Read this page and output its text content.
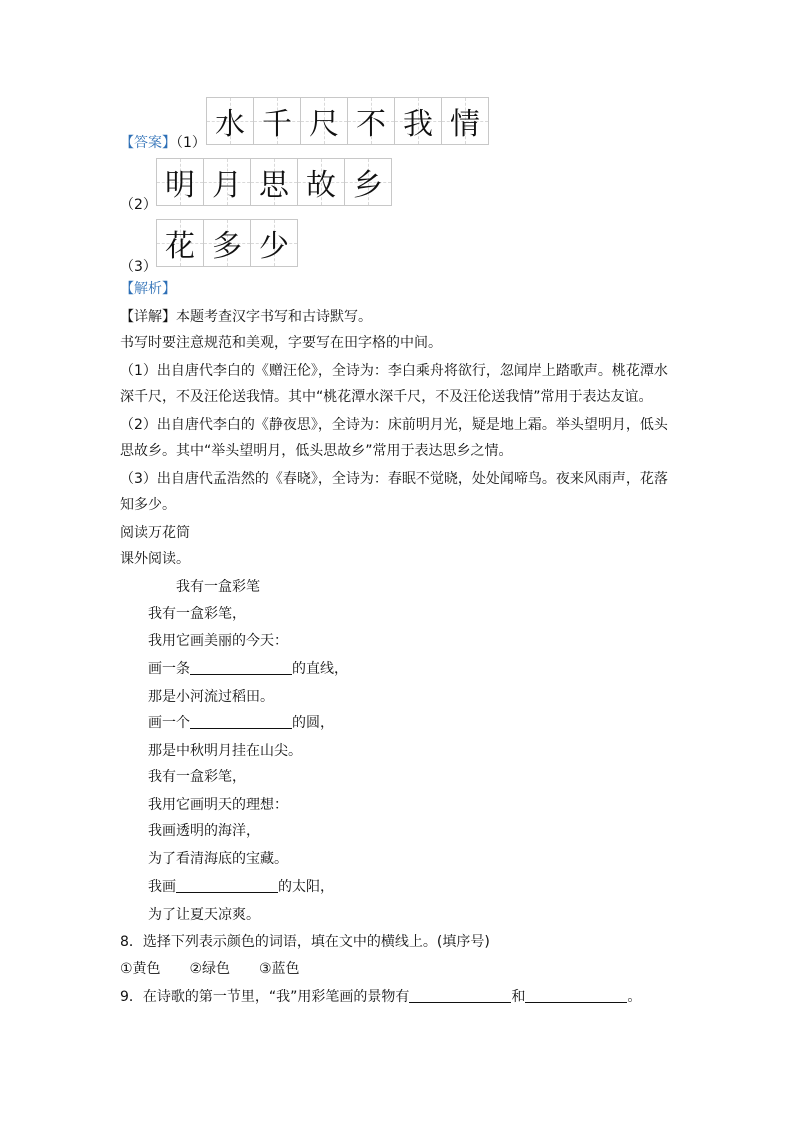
【答案】（1）
水 千 尺 不 我 情
（2）
明 月 思 故 乡
（3）
花 多 少
【解析】
【详解】本题考查汉字书写和古诗默写。
书写时要注意规范和美观，字要写在田字格的中间。
（1）出自唐代李白的《赠汪伦》，全诗为：李白乘舟将欲行，忽闻岸上踏歌声。桃花潭水
深千尺，不及汪伦送我情。其中“桃花潭水深千尺，不及汪伦送我情”常用于表达友谊。
（2）出自唐代李白的《静夜思》，全诗为：床前明月光，疑是地上霜。举头望明月，低头
思故乡。其中“举头望明月，低头思故乡”常用于表达思乡之情。
（3）出自唐代孟浩然的《春晓》，全诗为：春眠不觉晓，处处闻啼鸟。夜来风雨声，花落
知多少。
阅读万花筒
课外阅读。
我有一盒彩笔
我有一盒彩笔，
我用它画美丽的今天：
画一条	的直线，
那是小河流过稻田。
画一个	的圆，
那是中秋明月挂在山尖。
我有一盒彩笔，
我用它画明天的理想：
我画透明的海洋，
为了看清海底的宝藏。
我画	的太阳，
为了让夏天凉爽。
8．选择下列表示颜色的词语，填在文中的横线上。(填序号)
①黄色 ②绿色 ③蓝色
9．在诗歌的第一节里，“我”用彩笔画的景物有	和	。
